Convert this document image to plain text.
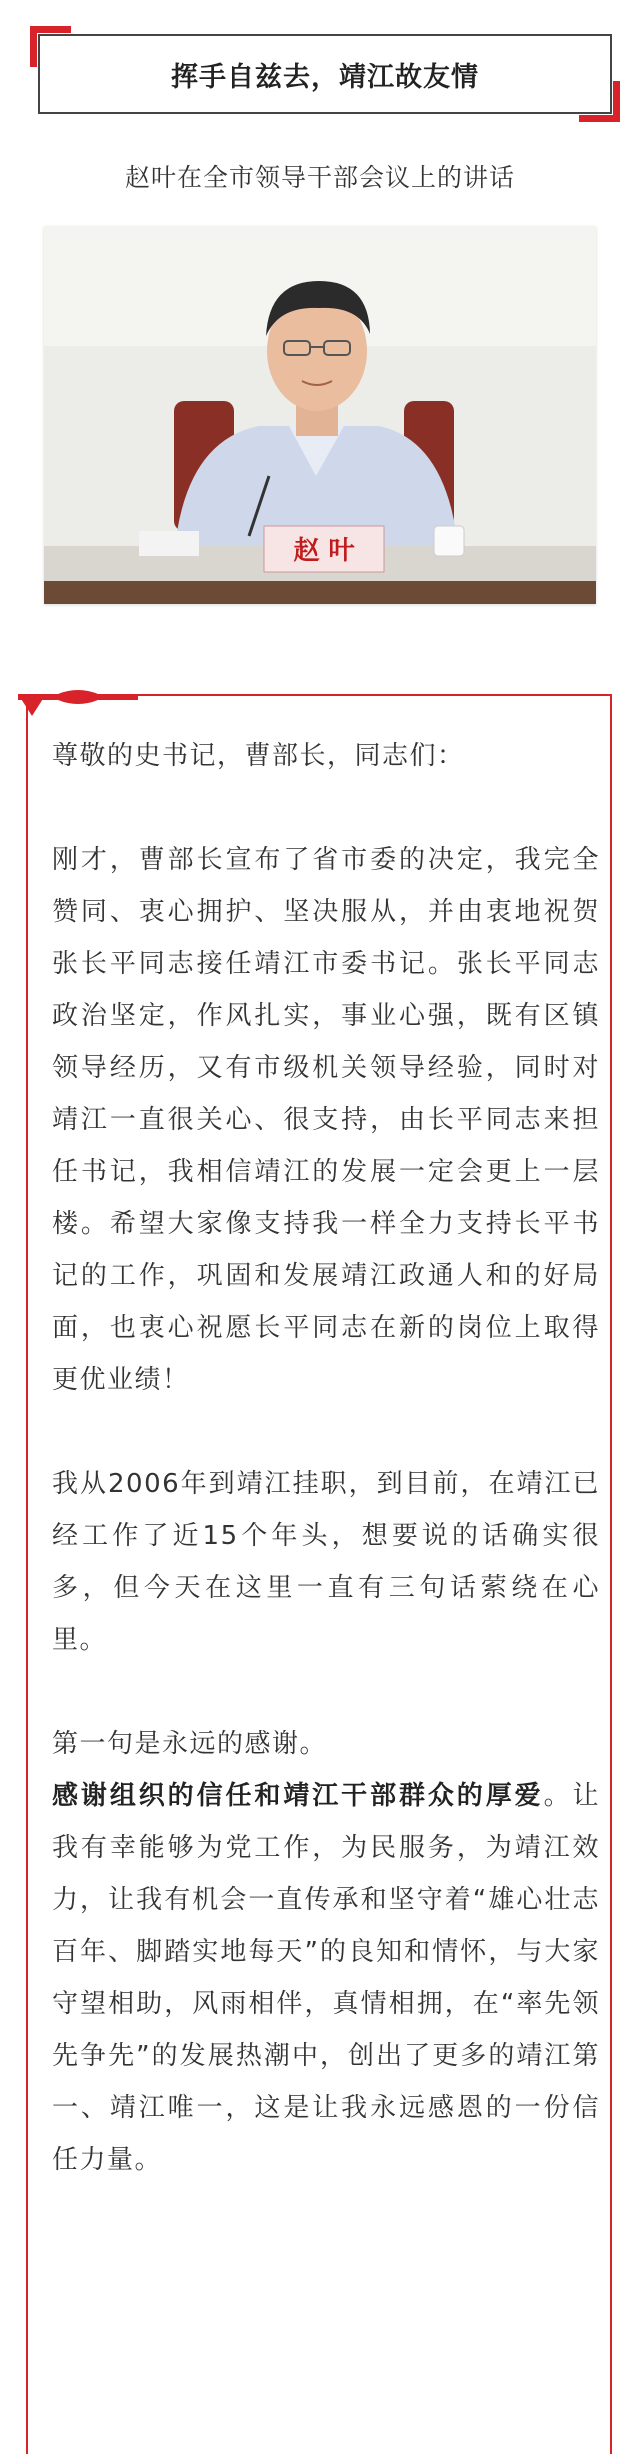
挥手自兹去，靖江故友情
赵叶在全市领导干部会议上的讲话
赵 叶

尊敬的史书记，曹部长，同志们：

刚才，曹部长宣布了省市委的决定，我完全赞同、衷心拥护、坚决服从，并由衷地祝贺张长平同志接任靖江市委书记。张长平同志政治坚定，作风扎实，事业心强，既有区镇领导经历，又有市级机关领导经验，同时对靖江一直很关心、很支持，由长平同志来担任书记，我相信靖江的发展一定会更上一层楼。希望大家像支持我一样全力支持长平书记的工作，巩固和发展靖江政通人和的好局面，也衷心祝愿长平同志在新的岗位上取得更优业绩！

我从2006年到靖江挂职，到目前，在靖江已经工作了近15个年头，想要说的话确实很多，但今天在这里一直有三句话萦绕在心里。

第一句是永远的感谢。

感谢组织的信任和靖江干部群众的厚爱。让我有幸能够为党工作，为民服务，为靖江效力，让我有机会一直传承和坚守着“雄心壮志百年、脚踏实地每天”的良知和情怀，与大家守望相助，风雨相伴，真情相拥，在“率先领先争先”的发展热潮中，创出了更多的靖江第一、靖江唯一，这是让我永远感恩的一份信任力量。
